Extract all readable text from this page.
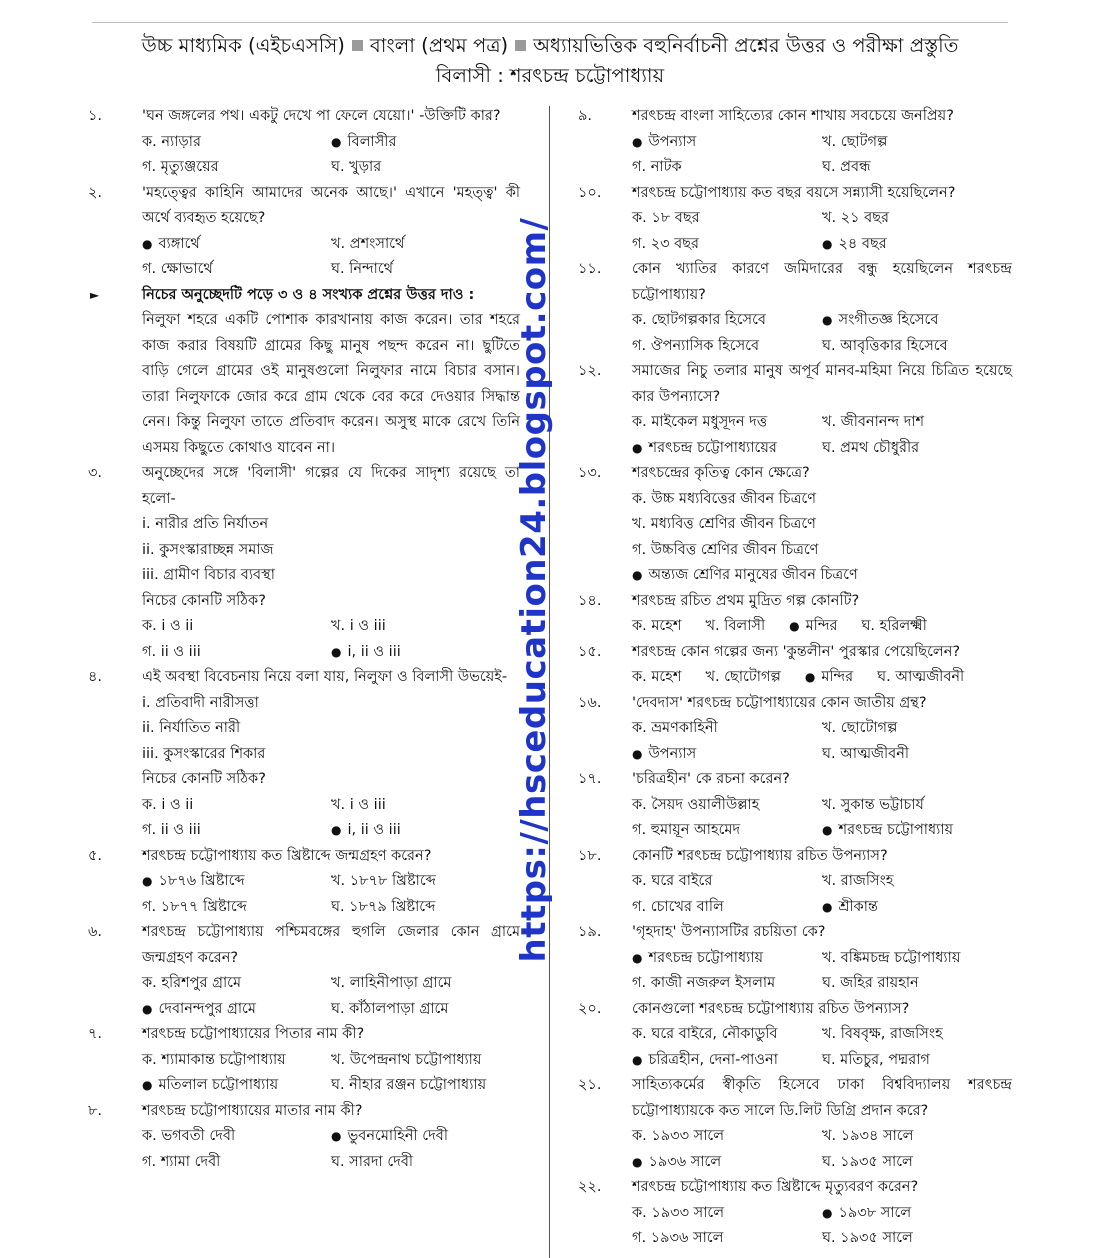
উচ্চ মাধ্যমিক (এইচএসসি) বাংলা (প্রথম পত্র) অধ্যায়ভিত্তিক বহুনির্বাচনী প্রশ্নের উত্তর ও পরীক্ষা প্রস্তুতি
বিলাসী : শরৎচন্দ্র চট্টোপাধ্যায়
১.	'ঘন জঙ্গলের পথ। একটু দেখে পা ফেলে যেয়ো।' -উক্তিটি কার?
ক. ন্যাড়ার	● বিলাসীর
গ. মৃত্যুঞ্জয়ের	ঘ. খুড়ার
২.	'মহত্ত্বের কাহিনি আমাদের অনেক আছে।' এখানে 'মহত্ত্ব' কী অর্থে ব্যবহৃত হয়েছে?
● ব্যঙ্গার্থে	খ. প্রশংসার্থে
গ. ক্ষোভার্থে	ঘ. নিন্দার্থে
►	নিচের অনুচ্ছেদটি পড়ে ৩ ও ৪ সংখ্যক প্রশ্নের উত্তর দাও :
নিলুফা শহরে একটি পোশাক কারখানায় কাজ করেন। তার শহরে কাজ করার বিষয়টি গ্রামের কিছু মানুষ পছন্দ করেন না। ছুটিতে বাড়ি গেলে গ্রামের ওই মানুষগুলো নিলুফার নামে বিচার বসান। তারা নিলুফাকে জোর করে গ্রাম থেকে বের করে দেওয়ার সিদ্ধান্ত নেন। কিন্তু নিলুফা তাতে প্রতিবাদ করেন। অসুস্থ মাকে রেখে তিনি এসময় কিছুতে কোথাও যাবেন না।
৩.	অনুচ্ছেদের সঙ্গে 'বিলাসী' গল্পের যে দিকের সাদৃশ্য রয়েছে তা হলো-
i. নারীর প্রতি নির্যাতন
ii. কুসংস্কারাচ্ছন্ন সমাজ
iii. গ্রামীণ বিচার ব্যবস্থা
নিচের কোনটি সঠিক?
ক. i ও ii	খ. i ও iii
গ. ii ও iii	● i, ii ও iii
৪.	এই অবস্থা বিবেচনায় নিয়ে বলা যায়, নিলুফা ও বিলাসী উভয়েই-
i. প্রতিবাদী নারীসত্তা
ii. নির্যাতিত নারী
iii. কুসংস্কারের শিকার
নিচের কোনটি সঠিক?
ক. i ও ii	খ. i ও iii
গ. ii ও iii	● i, ii ও iii
৫.	শরৎচন্দ্র চট্টোপাধ্যায় কত খ্রিষ্টাব্দে জন্মগ্রহণ করেন?
● ১৮৭৬ খ্রিষ্টাব্দে	খ. ১৮৭৮ খ্রিষ্টাব্দে
গ. ১৮৭৭ খ্রিষ্টাব্দে	ঘ. ১৮৭৯ খ্রিষ্টাব্দে
৬.	শরৎচন্দ্র চট্টোপাধ্যায় পশ্চিমবঙ্গের হুগলি জেলার কোন গ্রামে জন্মগ্রহণ করেন?
ক. হরিশপুর গ্রামে	খ. লাহিনীপাড়া গ্রামে
● দেবানন্দপুর গ্রামে	ঘ. কাঁঠালপাড়া গ্রামে
৭.	শরৎচন্দ্র চট্টোপাধ্যায়ের পিতার নাম কী?
ক. শ্যামাকান্ত চট্টোপাধ্যায়	খ. উপেন্দ্রনাথ চট্টোপাধ্যায়
● মতিলাল চট্টোপাধ্যায়	ঘ. নীহার রঞ্জন চট্টোপাধ্যায়
৮.	শরৎচন্দ্র চট্টোপাধ্যায়ের মাতার নাম কী?
ক. ভগবতী দেবী	● ভুবনমোহিনী দেবী
গ. শ্যামা দেবী	ঘ. সারদা দেবী
৯.	শরৎচন্দ্র বাংলা সাহিত্যের কোন শাখায় সবচেয়ে জনপ্রিয়?
● উপন্যাস	খ. ছোটগল্প
গ. নাটক	ঘ. প্রবন্ধ
১০. শরৎচন্দ্র চট্টোপাধ্যায় কত বছর বয়সে সন্ন্যাসী হয়েছিলেন?
ক. ১৮ বছর	খ. ২১ বছর
গ. ২৩ বছর	● ২৪ বছর
১১. কোন খ্যাতির কারণে জমিদারের বন্ধু হয়েছিলেন শরৎচন্দ্র চট্টোপাধ্যায়?
ক. ছোটগল্পকার হিসেবে	● সংগীতজ্ঞ হিসেবে
গ. ঔপন্যাসিক হিসেবে	ঘ. আবৃত্তিকার হিসেবে
১২. সমাজের নিচু তলার মানুষ অপূর্ব মানব-মহিমা নিয়ে চিত্রিত হয়েছে কার উপন্যাসে?
ক. মাইকেল মধুসূদন দত্ত	খ. জীবনানন্দ দাশ
● শরৎচন্দ্র চট্টোপাধ্যায়ের	ঘ. প্রমথ চৌধুরীর
১৩. শরৎচন্দ্রের কৃতিত্ব কোন ক্ষেত্রে?
ক. উচ্চ মধ্যবিত্তের জীবন চিত্রণে
খ. মধ্যবিত্ত শ্রেণির জীবন চিত্রণে
গ. উচ্চবিত্ত শ্রেণির জীবন চিত্রণে
● অন্ত্যজ শ্রেণির মানুষের জীবন চিত্রণে
১৪. শরৎচন্দ্র রচিত প্রথম মুদ্রিত গল্প কোনটি?
ক. মহেশ খ. বিলাসী	● মন্দির ঘ. হরিলক্ষ্মী
১৫. শরৎচন্দ্র কোন গল্পের জন্য 'কুন্তলীন' পুরস্কার পেয়েছিলেন?
ক. মহেশ খ. ছোটোগল্প	● মন্দির ঘ. আত্মজীবনী
১৬. 'দেবদাস' শরৎচন্দ্র চট্টোপাধ্যায়ের কোন জাতীয় গ্রন্থ?
ক. ভ্রমণকাহিনী	খ. ছোটোগল্প
● উপন্যাস	ঘ. আত্মজীবনী
১৭. 'চরিত্রহীন' কে রচনা করেন?
ক. সৈয়দ ওয়ালীউল্লাহ	খ. সুকান্ত ভট্টাচার্য
গ. হুমায়ূন আহমেদ	● শরৎচন্দ্র চট্টোপাধ্যায়
১৮. কোনটি শরৎচন্দ্র চট্টোপাধ্যায় রচিত উপন্যাস?
ক. ঘরে বাইরে	খ. রাজসিংহ
গ. চোখের বালি	● শ্রীকান্ত
১৯. 'গৃহদাহ' উপন্যাসটির রচয়িতা কে?
● শরৎচন্দ্র চট্টোপাধ্যায়	খ. বঙ্কিমচন্দ্র চট্টোপাধ্যায়
গ. কাজী নজরুল ইসলাম	ঘ. জহির রায়হান
২০. কোনগুলো শরৎচন্দ্র চট্টোপাধ্যায় রচিত উপন্যাস?
ক. ঘরে বাইরে, নৌকাডুবি	খ. বিষবৃক্ষ, রাজসিংহ
● চরিত্রহীন, দেনা-পাওনা	ঘ. মতিচুর, পদ্মরাগ
২১. সাহিত্যকর্মের স্বীকৃতি হিসেবে ঢাকা বিশ্ববিদ্যালয় শরৎচন্দ্র চট্টোপাধ্যায়কে কত সালে ডি.লিট ডিগ্রি প্রদান করে?
ক. ১৯৩৩ সালে	খ. ১৯৩৪ সালে
● ১৯৩৬ সালে	ঘ. ১৯৩৫ সালে
২২. শরৎচন্দ্র চট্টোপাধ্যায় কত খ্রিষ্টাব্দে মৃত্যুবরণ করেন?
ক. ১৯৩৩ সালে	● ১৯৩৮ সালে
গ. ১৯৩৬ সালে	ঘ. ১৯৩৫ সালে
https://hsceducation24.blogspot.com/
